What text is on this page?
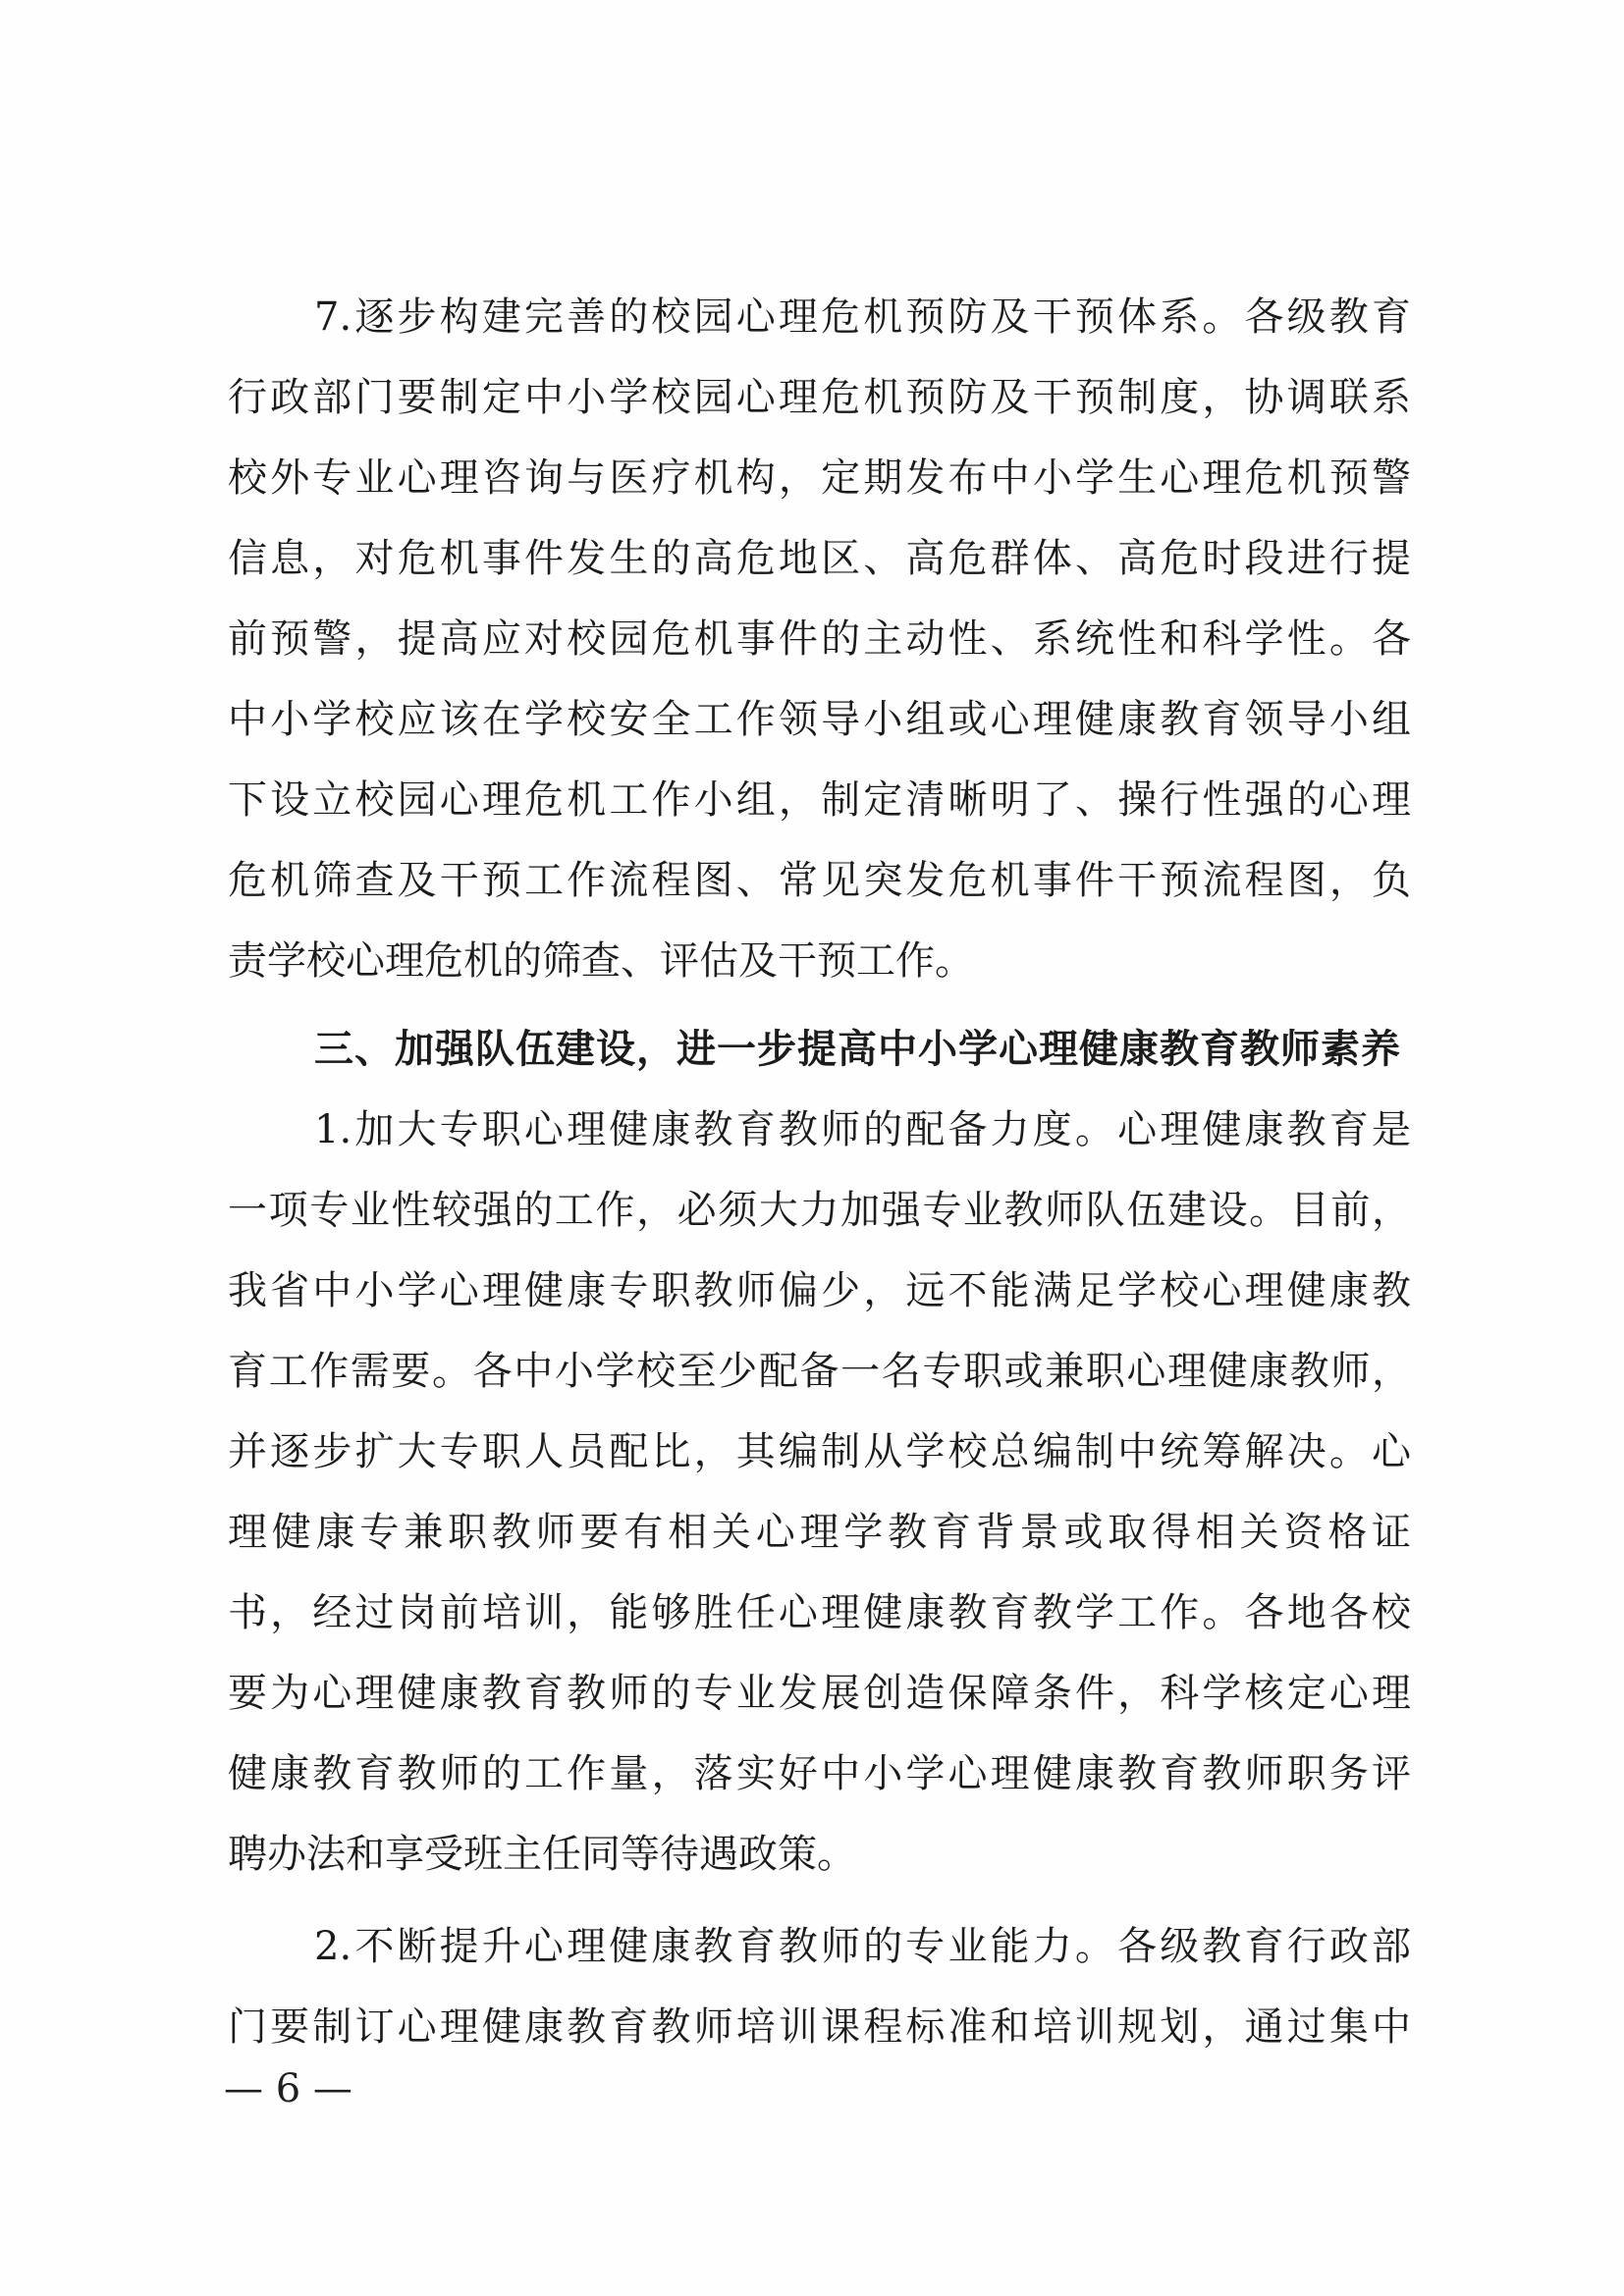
7.逐步构建完善的校园心理危机预防及干预体系。各级教育
行政部门要制定中小学校园心理危机预防及干预制度，协调联系
校外专业心理咨询与医疗机构，定期发布中小学生心理危机预警
信息，对危机事件发生的高危地区、高危群体、高危时段进行提
前预警，提高应对校园危机事件的主动性、系统性和科学性。各
中小学校应该在学校安全工作领导小组或心理健康教育领导小组
下设立校园心理危机工作小组，制定清晰明了、操行性强的心理
危机筛查及干预工作流程图、常见突发危机事件干预流程图，负
责学校心理危机的筛查、评估及干预工作。
三、加强队伍建设，进一步提高中小学心理健康教育教师素养
1.加大专职心理健康教育教师的配备力度。心理健康教育是
一项专业性较强的工作，必须大力加强专业教师队伍建设。目前，
我省中小学心理健康专职教师偏少，远不能满足学校心理健康教
育工作需要。各中小学校至少配备一名专职或兼职心理健康教师，
并逐步扩大专职人员配比，其编制从学校总编制中统筹解决。心
理健康专兼职教师要有相关心理学教育背景或取得相关资格证
书，经过岗前培训，能够胜任心理健康教育教学工作。各地各校
要为心理健康教育教师的专业发展创造保障条件，科学核定心理
健康教育教师的工作量，落实好中小学心理健康教育教师职务评
聘办法和享受班主任同等待遇政策。
2.不断提升心理健康教育教师的专业能力。各级教育行政部
门要制订心理健康教育教师培训课程标准和培训规划，通过集中
— 6 —
